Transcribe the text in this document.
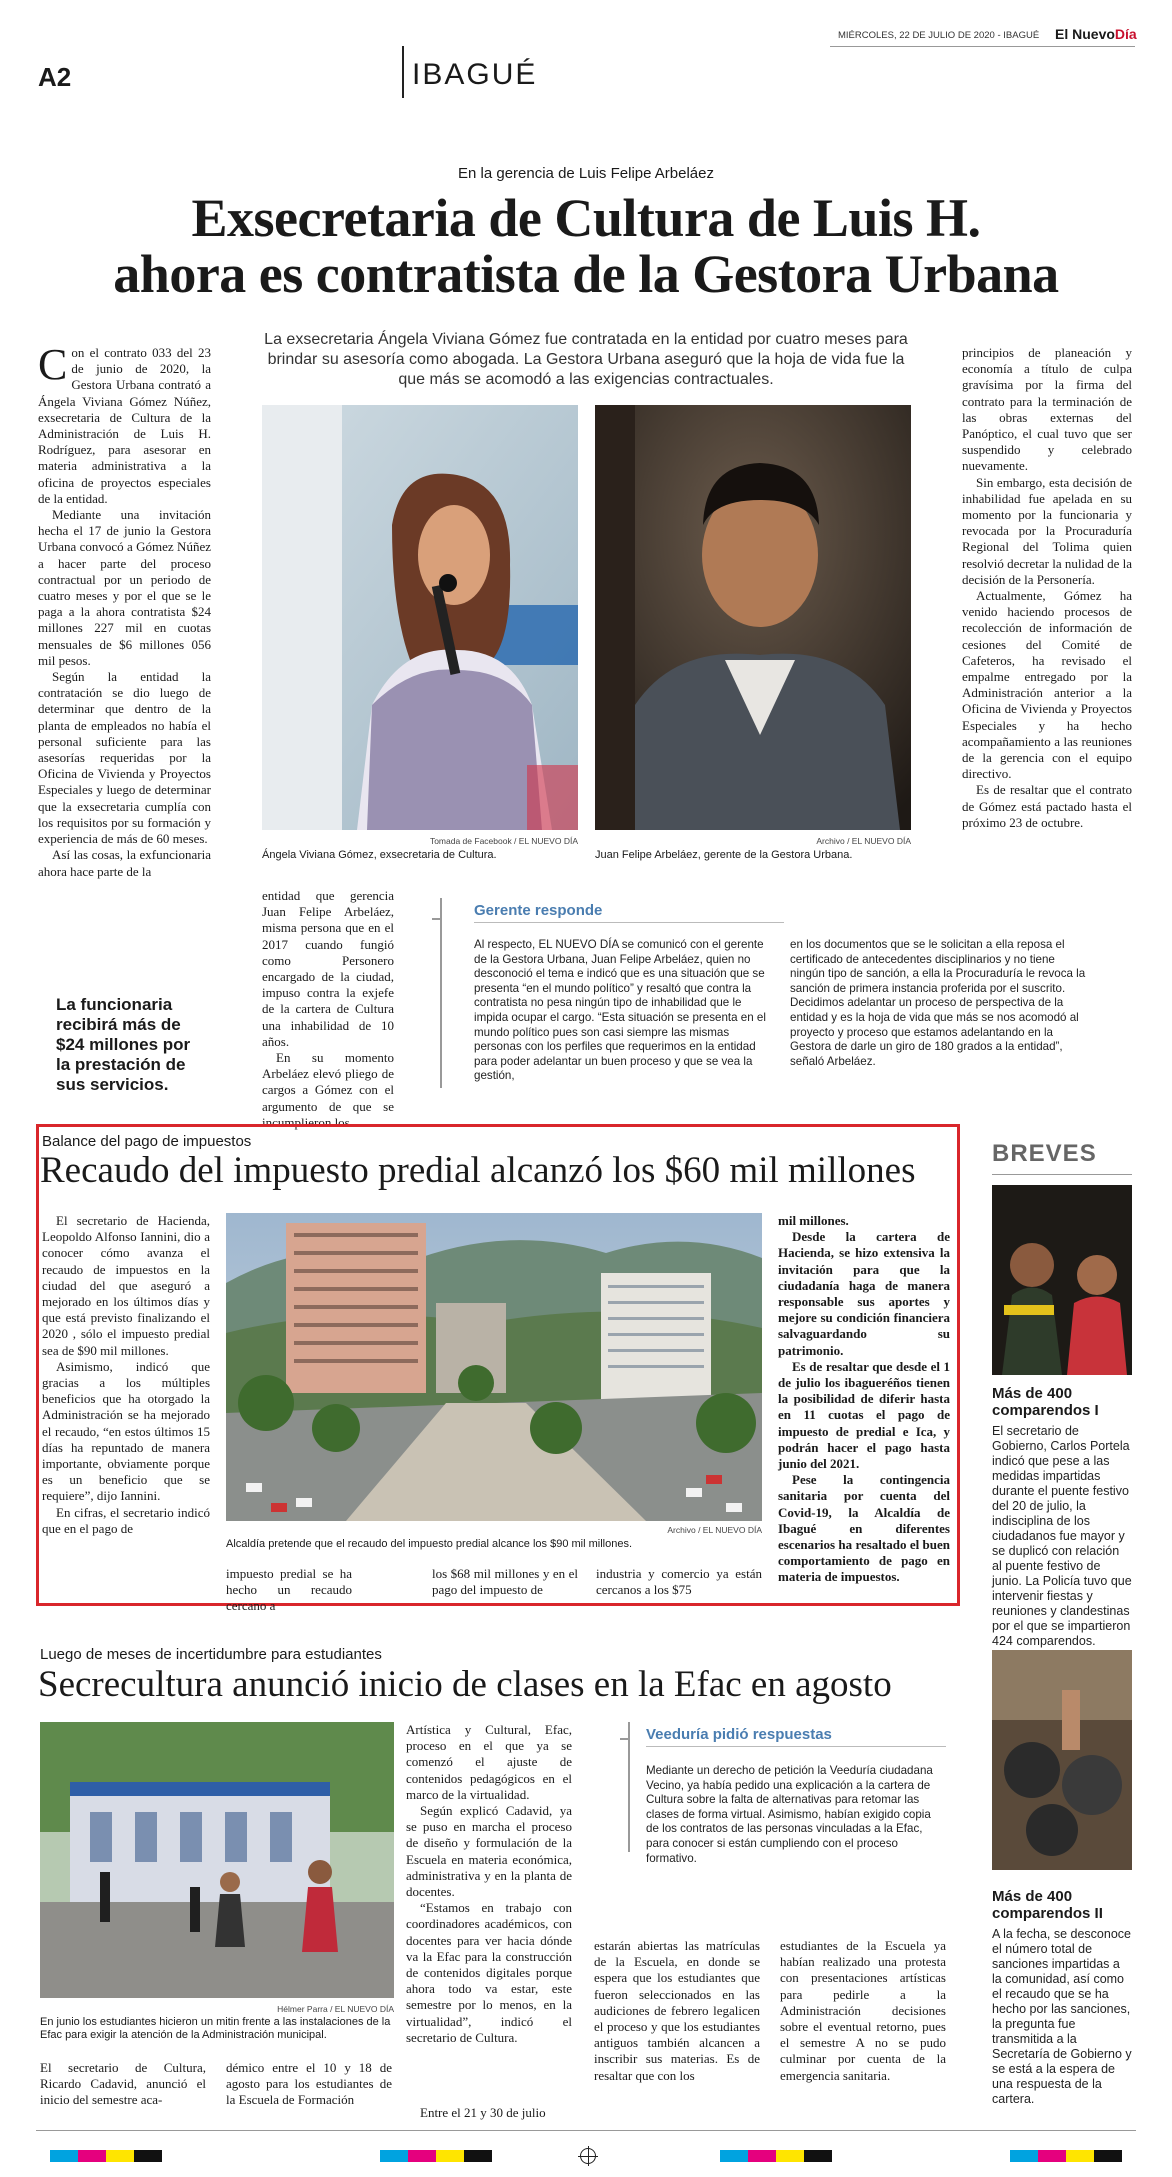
A2	IBAGUÉ
MIÉRCOLES, 22 DE JULIO DE 2020 - IBAGUÉ El NuevoDía
En la gerencia de Luis Felipe Arbeláez
Exsecretaria de Cultura de Luis H.
ahora es contratista de la Gestora Urbana
La exsecretaria Ángela Viviana Gómez fue contratada en la entidad por cuatro meses para brindar su asesoría como abogada. La Gestora Urbana aseguró que la hoja de vida fue la que más se acomodó a las exigencias contractuales.
C on el contrato 033 del 23 de junio de 2020, la Gestora Urbana contrató a Ángela Viviana Gómez Núñez, exsecretaria de Cultura de la Administración de Luis H. Rodríguez, para asesorar en materia administrativa a la oficina de proyectos especiales de la entidad.

Mediante una invitación hecha el 17 de junio la Gestora Urbana convocó a Gómez Núñez a hacer parte del proceso contractual por un periodo de cuatro meses y por el que se le paga a la ahora contratista $24 millones 227 mil en cuotas mensuales de $6 millones 056 mil pesos.

Según la entidad la contratación se dio luego de determinar que dentro de la planta de empleados no había el personal suficiente para las asesorías requeridas por la Oficina de Vivienda y Proyectos Especiales y luego de determinar que la exsecretaria cumplía con los requisitos por su formación y experiencia de más de 60 meses.

Así las cosas, la exfuncionaria ahora hace parte de la

La funcionaria recibirá más de $24 millones por la prestación de sus servicios.
Tomada de Facebook / EL NUEVO DÍA
Ángela Viviana Gómez, exsecretaria de Cultura.
Archivo / EL NUEVO DÍA
Juan Felipe Arbeláez, gerente de la Gestora Urbana.

entidad que gerencia Juan Felipe Arbeláez, misma persona que en el 2017 cuando fungió como Personero encargado de la ciudad, impuso contra la exjefe de la cartera de Cultura una inhabilidad de 10 años.

En su momento Arbeláez elevó pliego de cargos a Gómez con el argumento de que se incumplieron los

principios de planeación y economía a título de culpa gravísima por la firma del contrato para la terminación de las obras externas del Panóptico, el cual tuvo que ser suspendido y celebrado nuevamente.

Sin embargo, esta decisión de inhabilidad fue apelada en su momento por la funcionaria y revocada por la Procuraduría Regional del Tolima quien resolvió decretar la nulidad de la decisión de la Personería.

Actualmente, Gómez ha venido haciendo procesos de recolección de información de cesiones del Comité de Cafeteros, ha revisado el empalme entregado por la Administración anterior a la Oficina de Vivienda y Proyectos Especiales y ha hecho acompañamiento a las reuniones de la gerencia con el equipo directivo.

Es de resaltar que el contrato de Gómez está pactado hasta el próximo 23 de octubre.

Gerente responde
Al respecto, EL NUEVO DÍA se comunicó con el gerente de la Gestora Urbana, Juan Felipe Arbeláez, quien no desconoció el tema e indicó que es una situación que se presenta “en el mundo político” y resaltó que contra la contratista no pesa ningún tipo de inhabilidad que le impida ocupar el cargo. “Esta situación se presenta en el mundo político pues son casi siempre las mismas personas con los perfiles que requerimos en la entidad para poder adelantar un buen proceso y que se vea la gestión,
en los documentos que se le solicitan a ella reposa el certificado de antecedentes disciplinarios y no tiene ningún tipo de sanción, a ella la Procuraduría le revoca la sanción de primera instancia proferida por el suscrito. Decidimos adelantar un proceso de perspectiva de la entidad y es la hoja de vida que más se nos acomodó al proyecto y proceso que estamos adelantando en la Gestora de darle un giro de 180 grados a la entidad”, señaló Arbeláez.
Balance del pago de impuestos
Recaudo del impuesto predial alcanzó los $60 mil millones

El secretario de Hacienda, Leopoldo Alfonso Iannini, dio a conocer cómo avanza el recaudo de impuestos en la ciudad del que aseguró a mejorado en los últimos días y que está previsto finalizando el 2020 , sólo el impuesto predial sea de $90 mil millones.

Asimismo, indicó que gracias a los múltiples beneficios que ha otorgado la Administración se ha mejorado el recaudo, “en estos últimos 15 días ha repuntado de manera importante, obviamente porque es un beneficio que se requiere”, dijo Iannini.

En cifras, el secretario indicó que en el pago de	Archivo / EL NUEVO DÍA
Alcaldía pretende que el recaudo del impuesto predial alcance los $90 mil millones.
impuesto predial se ha hecho un recaudo cercano a
los $68 mil millones y en el pago del impuesto de
industria y comercio ya están cercanos a los $75

mil millones.

Desde la cartera de Hacienda, se hizo extensiva la invitación para que la ciudadanía haga de manera responsable sus aportes y mejore su condición financiera salvaguardando su patrimonio.

Es de resaltar que desde el 1 de julio los ibagueréños tienen la posibilidad de diferir hasta en 11 cuotas el pago de impuesto de predial e Ica, y podrán hacer el pago hasta junio del 2021.

Pese la contingencia sanitaria por cuenta del Covid-19, la Alcaldía de Ibagué en diferentes escenarios ha resaltado el buen comportamiento de pago en materia de impuestos.

BREVES
Más de 400 comparendos I
El secretario de Gobierno, Carlos Portela indicó que pese a las medidas impartidas durante el puente festivo del 20 de julio, la indisciplina de los ciudadanos fue mayor y se duplicó con relación al puente festivo de junio. La Policía tuvo que intervenir fiestas y reuniones y clandestinas por el que se impartieron 424 comparendos.
Más de 400 comparendos II
A la fecha, se desconoce el número total de sanciones impartidas a la comunidad, así como el recaudo que se ha hecho por las sanciones, la pregunta fue transmitida a la Secretaría de Gobierno y se está a la espera de una respuesta de la cartera.
Luego de meses de incertidumbre para estudiantes
Secrecultura anunció inicio de clases en la Efac en agosto
Hélmer Parra / EL NUEVO DÍA
En junio los estudiantes hicieron un mitin frente a las instalaciones de la Efac para exigir la atención de la Administración municipal.

Artística y Cultural, Efac, proceso en el que ya se comenzó el ajuste de contenidos pedagógicos en el marco de la virtualidad.

Según explicó Cadavid, ya se puso en marcha el proceso de diseño y formulación de la Escuela en materia económica, administrativa y en la planta de docentes.

“Estamos en trabajo con coordinadores académicos, con docentes para ver hacia dónde va la Efac para la construcción de contenidos digitales porque ahora todo va estar, este semestre por lo menos, en la virtualidad”, indicó el secretario de Cultura.

Veeduría pidió respuestas
Mediante un derecho de petición la Veeduría ciudadana Vecino, ya había pedido una explicación a la cartera de Cultura sobre la falta de alternativas para retomar las clases de forma virtual. Asimismo, habían exigido copia de los contratos de las personas vinculadas a la Efac, para conocer si están cumpliendo con el proceso formativo.
El secretario de Cultura, Ricardo Cadavid, anunció el inicio del semestre aca-
démico entre el 10 y 18 de agosto para los estudiantes de la Escuela de Formación
Entre el 21 y 30 de julio
estarán abiertas las matrículas de la Escuela, en donde se espera que los estudiantes que fueron seleccionados en las audiciones de febrero legalicen el proceso y que los estudiantes antiguos también alcancen a inscribir sus materias. Es de resaltar que con los
estudiantes de la Escuela ya habían realizado una protesta con presentaciones artísticas para pedirle a la Administración decisiones sobre el eventual retorno, pues el semestre A no se pudo culminar por cuenta de la emergencia sanitaria.
